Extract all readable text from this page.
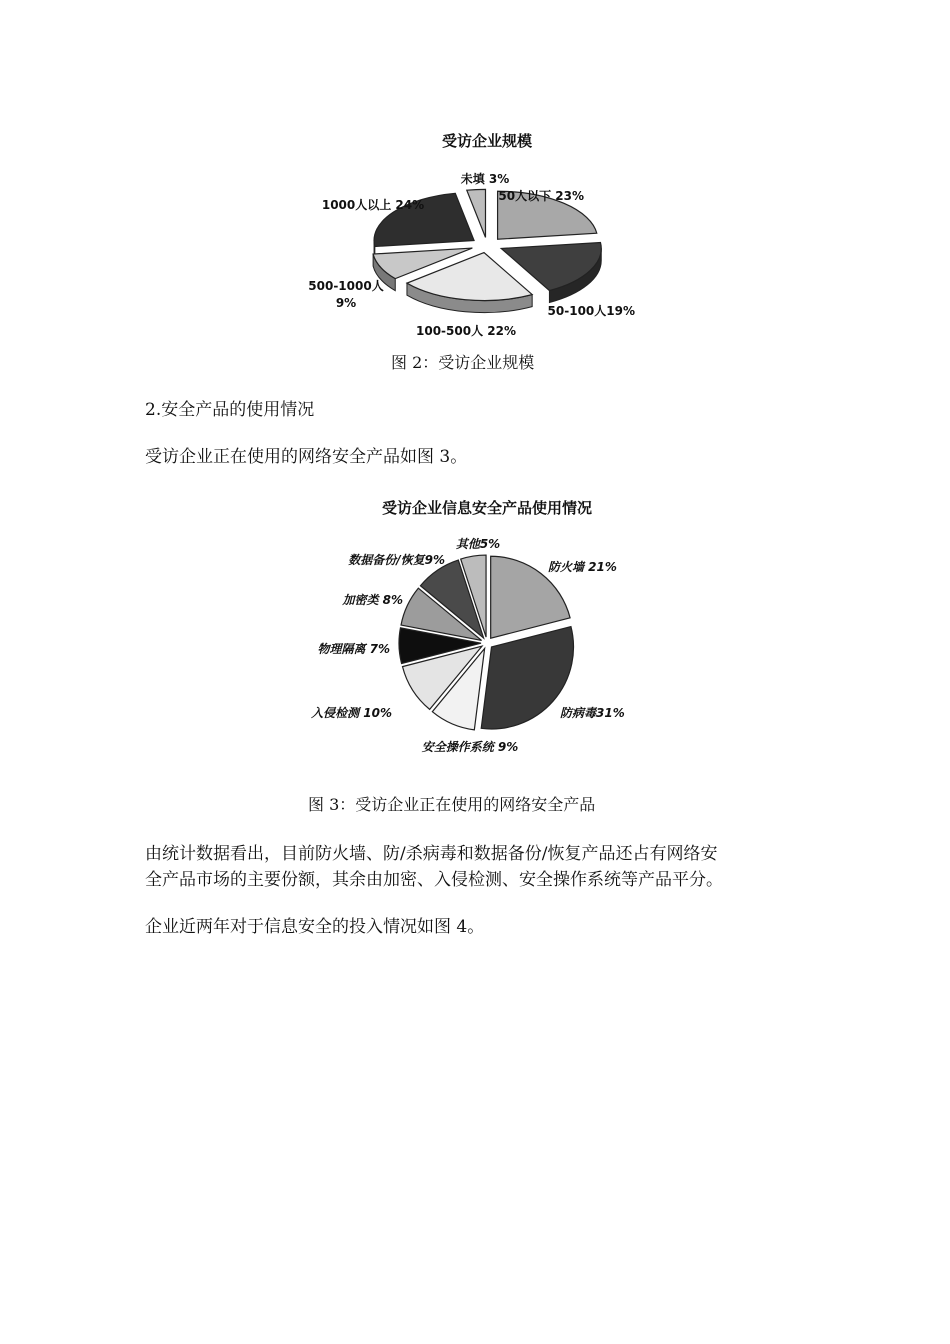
受访企业规模
50人以下 23%
50-100人19%
100-500人 22%
500-1000人
9%
1000人以上 24%
未填 3%
图 2：受访企业规模
2.安全产品的使用情况
受访企业正在使用的网络安全产品如图 3。
受访企业信息安全产品使用情况
防火墙 21%
防病毒31%
安全操作系统 9%
入侵检测 10%
物理隔离 7%
加密类 8%
数据备份/恢复9%
其他5%
图 3：受访企业正在使用的网络安全产品
由统计数据看出，目前防火墙、防/杀病毒和数据备份/恢复产品还占有网络安
全产品市场的主要份额，其余由加密、入侵检测、安全操作系统等产品平分。
企业近两年对于信息安全的投入情况如图 4。
